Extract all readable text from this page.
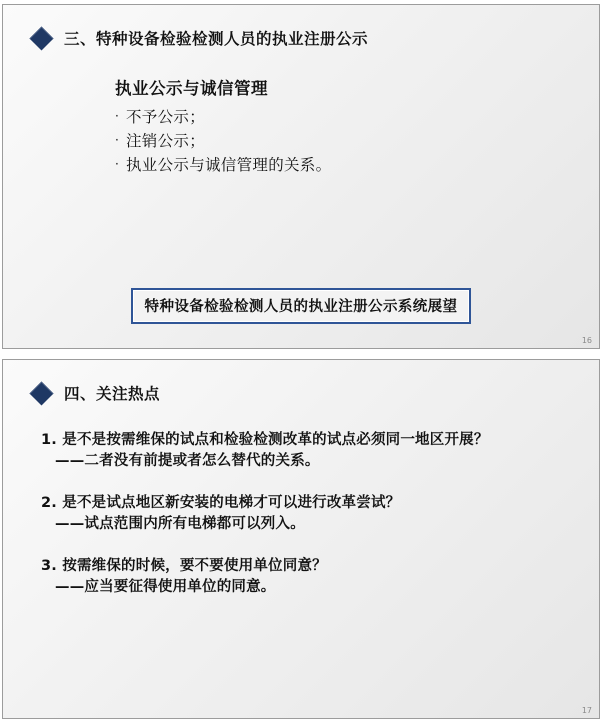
三、特种设备检验检测人员的执业注册公示
执业公示与诚信管理
· 不予公示；
· 注销公示；
· 执业公示与诚信管理的关系。
特种设备检验检测人员的执业注册公示系统展望
16
四、关注热点
1. 是不是按需维保的试点和检验检测改革的试点必须同一地区开展？
——二者没有前提或者怎么替代的关系。
2. 是不是试点地区新安装的电梯才可以进行改革尝试？
——试点范围内所有电梯都可以列入。
3. 按需维保的时候，要不要使用单位同意？
——应当要征得使用单位的同意。
17
